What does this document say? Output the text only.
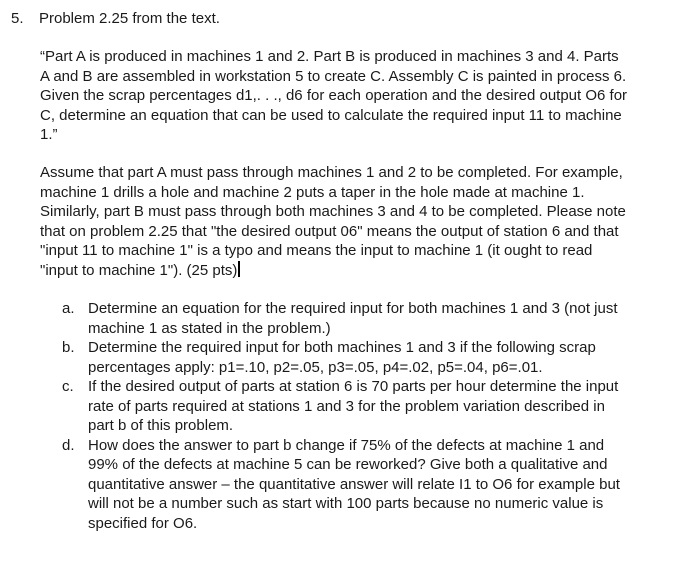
5. Problem 2.25 from the text.

“Part A is produced in machines 1 and 2. Part B is produced in machines 3 and 4. Parts A and B are assembled in workstation 5 to create C. Assembly C is painted in process 6. Given the scrap percentages d1,. . ., d6 for each operation and the desired output O6 for C, determine an equation that can be used to calculate the required input 11 to machine 1.”

Assume that part A must pass through machines 1 and 2 to be completed. For example, machine 1 drills a hole and machine 2 puts a taper in the hole made at machine 1. Similarly, part B must pass through both machines 3 and 4 to be completed. Please note that on problem 2.25 that "the desired output 06" means the output of station 6 and that "input 11 to machine 1" is a typo and means the input to machine 1 (it ought to read "input to machine 1"). (25 pts)

a. Determine an equation for the required input for both machines 1 and 3 (not just machine 1 as stated in the problem.)
b. Determine the required input for both machines 1 and 3 if the following scrap percentages apply: p1=.10, p2=.05, p3=.05, p4=.02, p5=.04, p6=.01.
c. If the desired output of parts at station 6 is 70 parts per hour determine the input rate of parts required at stations 1 and 3 for the problem variation described in part b of this problem.
d. How does the answer to part b change if 75% of the defects at machine 1 and 99% of the defects at machine 5 can be reworked? Give both a qualitative and quantitative answer – the quantitative answer will relate I1 to O6 for example but will not be a number such as start with 100 parts because no numeric value is specified for O6.
